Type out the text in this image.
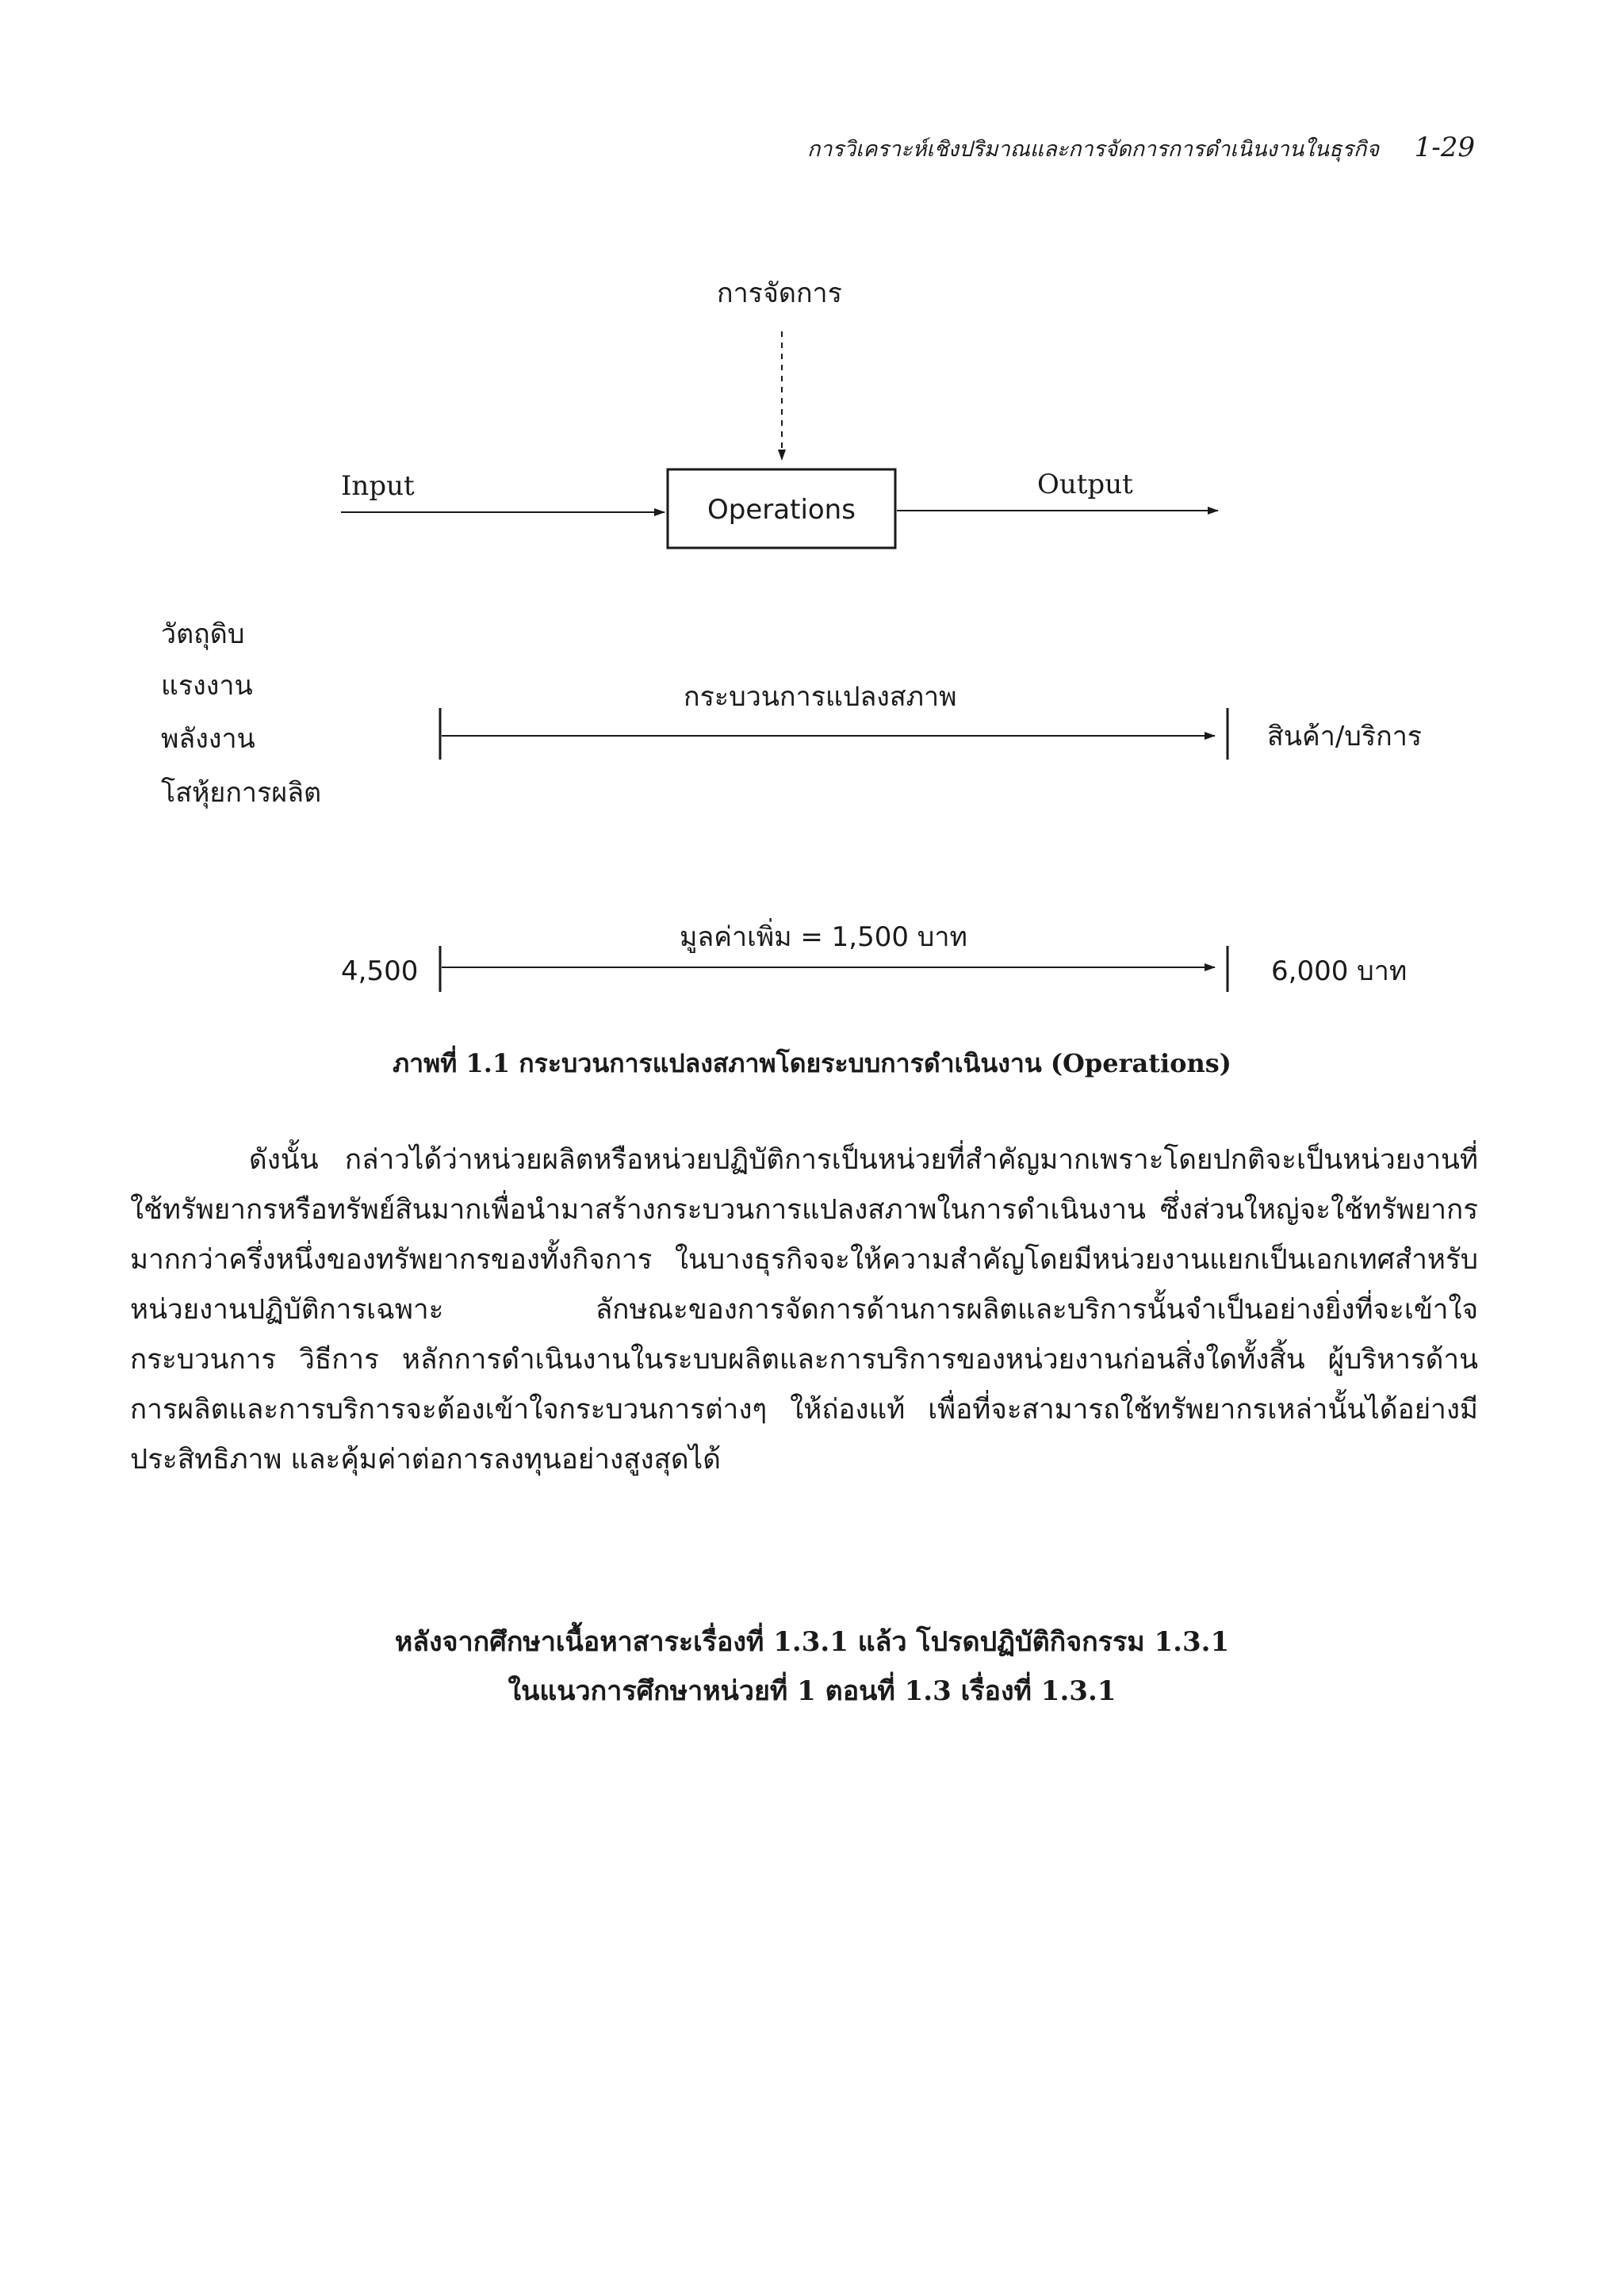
การวิเคราะห์เชิงปริมาณและการจัดการการดำเนินงานในธุรกิจ 1-29
การจัดการ
Input
Operations
Output
วัตถุดิบ
แรงงาน
พลังงาน
โสหุ้ยการผลิต
กระบวนการแปลงสภาพ
สินค้า/บริการ
4,500
มูลค่าเพิ่ม = 1,500 บาท
6,000 บาท
ภาพที่ 1.1 กระบวนการแปลงสภาพโดยระบบการดำเนินงาน (Operations)

ดังนั้น กล่าวได้ว่าหน่วยผลิตหรือหน่วยปฏิบัติการเป็นหน่วยที่สำคัญมากเพราะโดยปกติจะเป็นหน่วยงานที่ใช้ทรัพยากรหรือทรัพย์สินมากเพื่อนำมาสร้างกระบวนการแปลงสภาพในการดำเนินงาน ซึ่งส่วนใหญ่จะใช้ทรัพยากรมากกว่าครึ่งหนึ่งของทรัพยากรของทั้งกิจการ ในบางธุรกิจจะให้ความสำคัญโดยมีหน่วยงานแยกเป็นเอกเทศสำหรับหน่วยงานปฏิบัติการเฉพาะ ลักษณะของการจัดการด้านการผลิตและบริการนั้นจำเป็นอย่างยิ่งที่จะเข้าใจกระบวนการ วิธีการ หลักการดำเนินงานในระบบผลิตและการบริการของหน่วยงานก่อนสิ่งใดทั้งสิ้น ผู้บริหารด้านการผลิตและการบริการจะต้องเข้าใจกระบวนการต่างๆ ให้ถ่องแท้ เพื่อที่จะสามารถใช้ทรัพยากรเหล่านั้นได้อย่างมีประสิทธิภาพ และคุ้มค่าต่อการลงทุนอย่างสูงสุดได้

หลังจากศึกษาเนื้อหาสาระเรื่องที่ 1.3.1 แล้ว โปรดปฏิบัติกิจกรรม 1.3.1
ในแนวการศึกษาหน่วยที่ 1 ตอนที่ 1.3 เรื่องที่ 1.3.1
